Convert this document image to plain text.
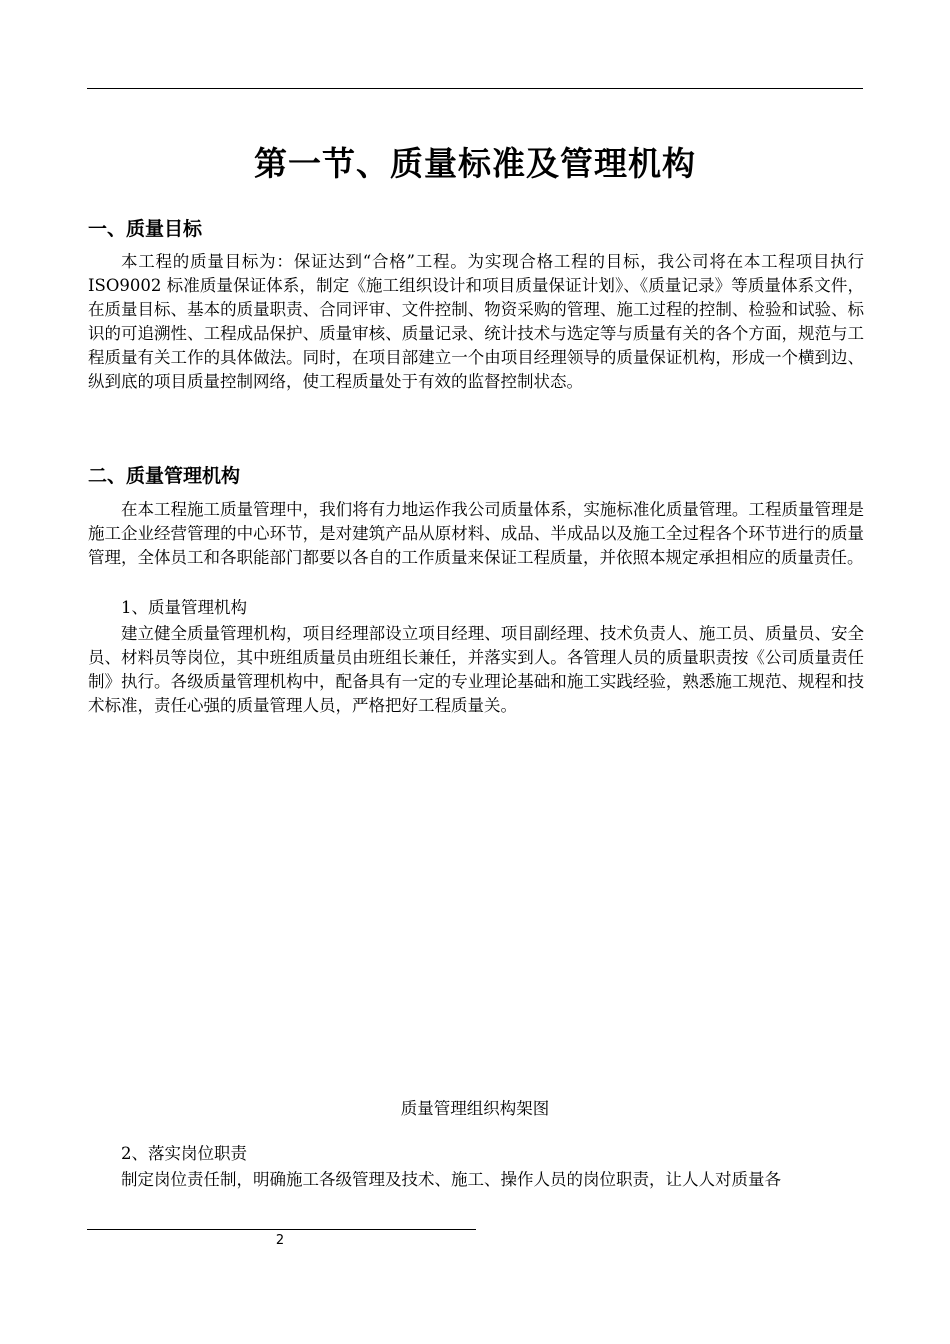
第一节、质量标准及管理机构
一、质量目标
本工程的质量目标为：保证达到“合格”工程。为实现合格工程的目标，我公司将在本工程项目执行 ISO9002 标准质量保证体系，制定《施工组织设计和项目质量保证计划》、《质量记录》等质量体系文件，在质量目标、基本的质量职责、合同评审、文件控制、物资采购的管理、施工过程的控制、检验和试验、标识的可追溯性、工程成品保护、质量审核、质量记录、统计技术与选定等与质量有关的各个方面，规范与工程质量有关工作的具体做法。同时，在项目部建立一个由项目经理领导的质量保证机构，形成一个横到边、纵到底的项目质量控制网络，使工程质量处于有效的监督控制状态。
二、质量管理机构
在本工程施工质量管理中，我们将有力地运作我公司质量体系，实施标准化质量管理。工程质量管理是施工企业经营管理的中心环节，是对建筑产品从原材料、成品、半成品以及施工全过程各个环节进行的质量管理，全体员工和各职能部门都要以各自的工作质量来保证工程质量，并依照本规定承担相应的质量责任。
1、质量管理机构
建立健全质量管理机构，项目经理部设立项目经理、项目副经理、技术负责人、施工员、质量员、安全员、材料员等岗位，其中班组质量员由班组长兼任，并落实到人。各管理人员的质量职责按《公司质量责任制》执行。各级质量管理机构中，配备具有一定的专业理论基础和施工实践经验，熟悉施工规范、规程和技术标准，责任心强的质量管理人员，严格把好工程质量关。
质量管理组织构架图
2、落实岗位职责
制定岗位责任制，明确施工各级管理及技术、施工、操作人员的岗位职责，让人人对质量各
2
